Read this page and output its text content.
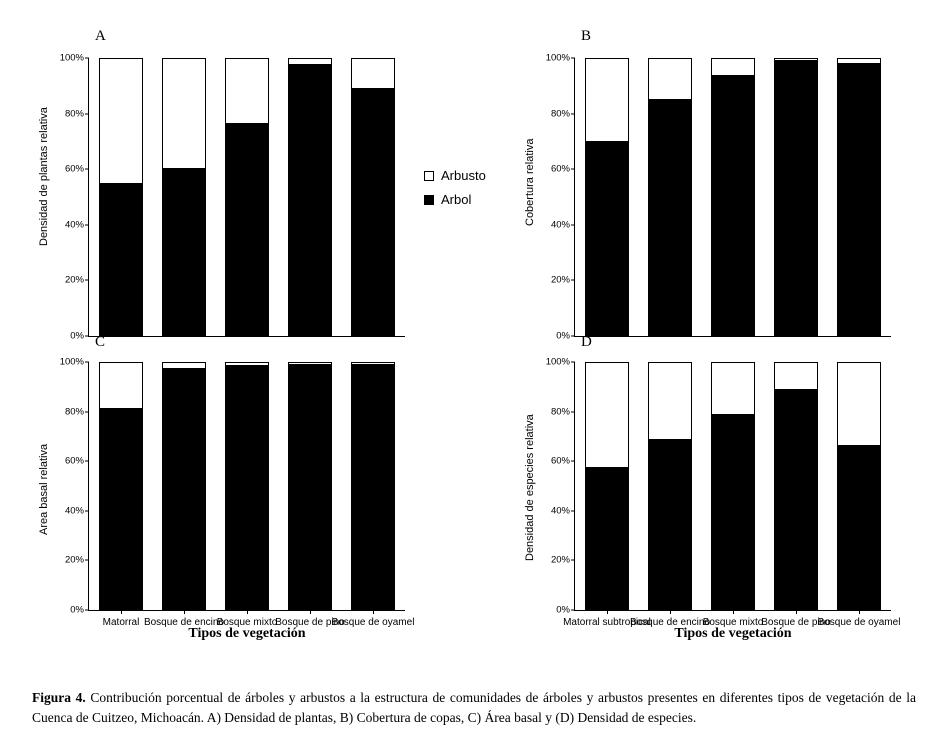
A
Densidad de plantas relativa
0%
20%
40%
60%
80%
100%
Arbusto
Arbol
B
Cobertura relativa
0%
20%
40%
60%
80%
100%
C
Area basal relativa
0%
20%
40%
60%
80%
100%
Matorral Bosque de encino
Bosque mixto
Bosque de pino
Bosque de oyamel
Tipos de vegetación
D
Densidad de especies relativa
0%
20%
40%
60%
80%
100%
Matorral subtropical
Bosque de encino
Bosque mixto
Bosque de pino
Bosque de oyamel
Tipos de vegetación
Figura 4. Contribución porcentual de árboles y arbustos a la estructura de comunidades de árboles y arbustos presentes en diferentes tipos de vegetación de la Cuenca de Cuitzeo, Michoacán. A) Densidad de plantas, B) Cobertura de copas, C) Área basal y (D) Densidad de especies.
